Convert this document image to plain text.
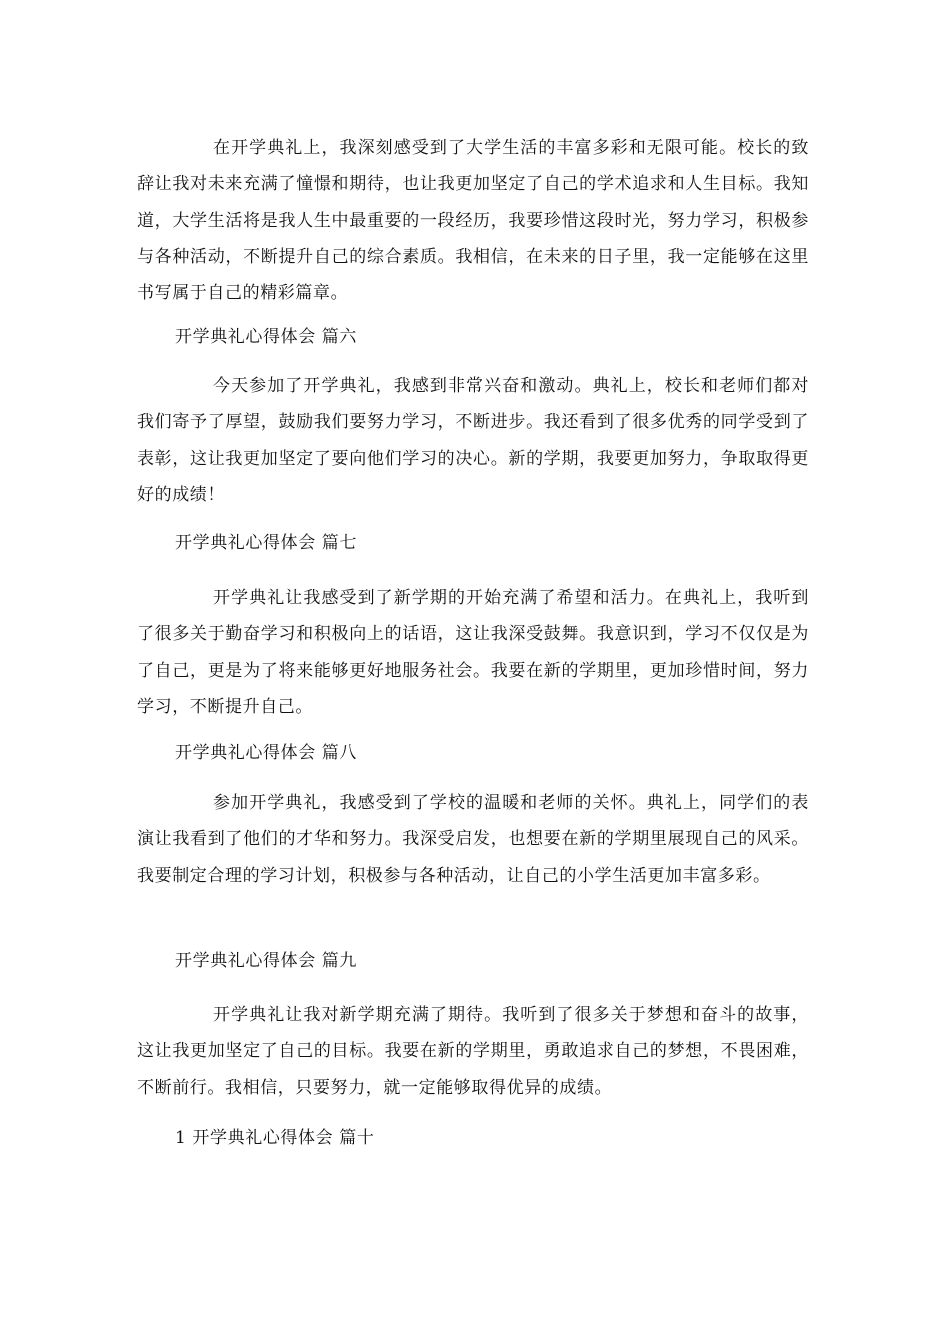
在开学典礼上，我深刻感受到了大学生活的丰富多彩和无限可能。校长的致辞让我对未来充满了憧憬和期待，也让我更加坚定了自己的学术追求和人生目标。我知道，大学生活将是我人生中最重要的一段经历，我要珍惜这段时光，努力学习，积极参与各种活动，不断提升自己的综合素质。我相信，在未来的日子里，我一定能够在这里书写属于自己的精彩篇章。

开学典礼心得体会 篇六

今天参加了开学典礼，我感到非常兴奋和激动。典礼上，校长和老师们都对我们寄予了厚望，鼓励我们要努力学习，不断进步。我还看到了很多优秀的同学受到了表彰，这让我更加坚定了要向他们学习的决心。新的学期，我要更加努力，争取取得更好的成绩！

开学典礼心得体会 篇七

开学典礼让我感受到了新学期的开始充满了希望和活力。在典礼上，我听到了很多关于勤奋学习和积极向上的话语，这让我深受鼓舞。我意识到，学习不仅仅是为了自己，更是为了将来能够更好地服务社会。我要在新的学期里，更加珍惜时间，努力学习，不断提升自己。

开学典礼心得体会 篇八

参加开学典礼，我感受到了学校的温暖和老师的关怀。典礼上，同学们的表演让我看到了他们的才华和努力。我深受启发，也想要在新的学期里展现自己的风采。我要制定合理的学习计划，积极参与各种活动，让自己的小学生活更加丰富多彩。

开学典礼心得体会 篇九

开学典礼让我对新学期充满了期待。我听到了很多关于梦想和奋斗的故事，这让我更加坚定了自己的目标。我要在新的学期里，勇敢追求自己的梦想，不畏困难，不断前行。我相信，只要努力，就一定能够取得优异的成绩。

1 开学典礼心得体会 篇十
